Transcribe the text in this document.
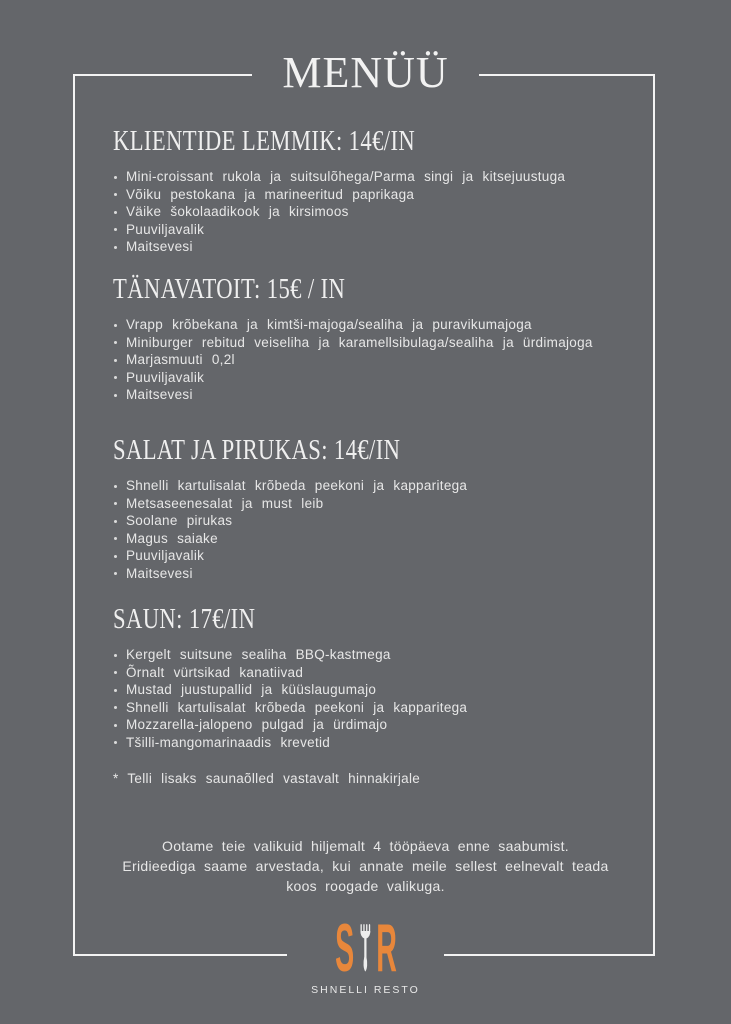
MENÜÜ
KLIENTIDE LEMMIK: 14€/IN
Mini-croissant rukola ja suitsulõhega/Parma singi ja kitsejuustuga
Võiku pestokana ja marineeritud paprikaga
Väike šokolaadikook ja kirsimoos
Puuviljavalik
Maitsevesi
TÄNAVATOIT: 15€ / IN
Vrapp krõbekana ja kimtši-majoga/sealiha ja puravikumajoga
Miniburger rebitud veiseliha ja karamellsibulaga/sealiha ja ürdimajoga
Marjasmuuti 0,2l
Puuviljavalik
Maitsevesi
SALAT JA PIRUKAS: 14€/IN
Shnelli kartulisalat krõbeda peekoni ja kapparitega
Metsaseenesalat ja must leib
Soolane pirukas
Magus saiake
Puuviljavalik
Maitsevesi
SAUN: 17€/IN
Kergelt suitsune sealiha BBQ-kastmega
Õrnalt vürtsikad kanatiivad
Mustad juustupallid ja küüslaugumajo
Shnelli kartulisalat krõbeda peekoni ja kapparitega
Mozzarella-jalopeno pulgad ja ürdimajo
Tšilli-mangomarinaadis krevetid

* Telli lisaks saunaõlled vastavalt hinnakirjale

Ootame teie valikuid hiljemalt 4 tööpäeva enne saabumist.
Eridieediga saame arvestada, kui annate meile sellest eelnevalt teada
koos roogade valikuga.
S R
SHNELLI RESTO
